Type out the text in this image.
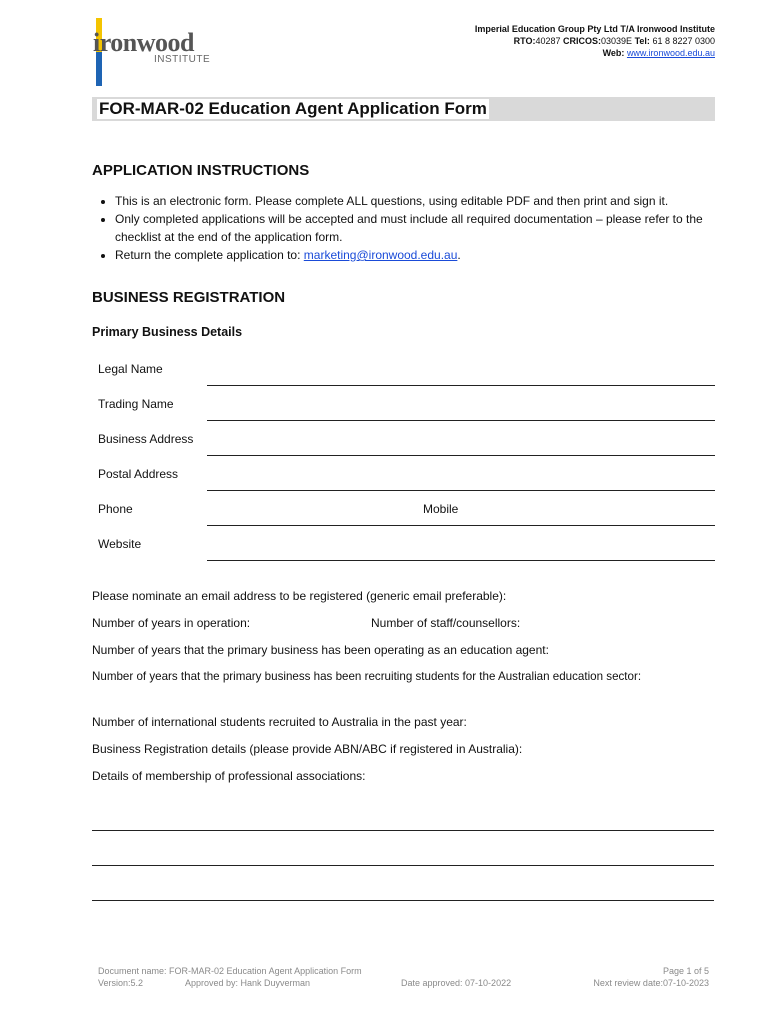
ironwood
INSTITUTE
Imperial Education Group Pty Ltd T/A Ironwood Institute
RTO:40287 CRICOS:03039E Tel: 61 8 8227 0300
Web: www.ironwood.edu.au
FOR-MAR-02 Education Agent Application Form
APPLICATION INSTRUCTIONS
• This is an electronic form. Please complete ALL questions, using editable PDF and then print and sign it.
• Only completed applications will be accepted and must include all required documentation – please refer to the checklist at the end of the application form.
• Return the complete application to: marketing@ironwood.edu.au.
BUSINESS REGISTRATION
Primary Business Details
Legal Name
Trading Name
Business Address
Postal Address
Phone	Mobile
Website
Please nominate an email address to be registered (generic email preferable):
Number of years in operation:	Number of staff/counsellors:
Number of years that the primary business has been operating as an education agent:
Number of years that the primary business has been recruiting students for the Australian education sector:
Number of international students recruited to Australia in the past year:
Business Registration details (please provide ABN/ABC if registered in Australia):
Details of membership of professional associations:
Document name: FOR-MAR-02 Education Agent Application Form
Version:5.2	Approved by: Hank Duyverman	Date approved: 07-10-2022
Page 1 of 5
Next review date:07-10-2023
